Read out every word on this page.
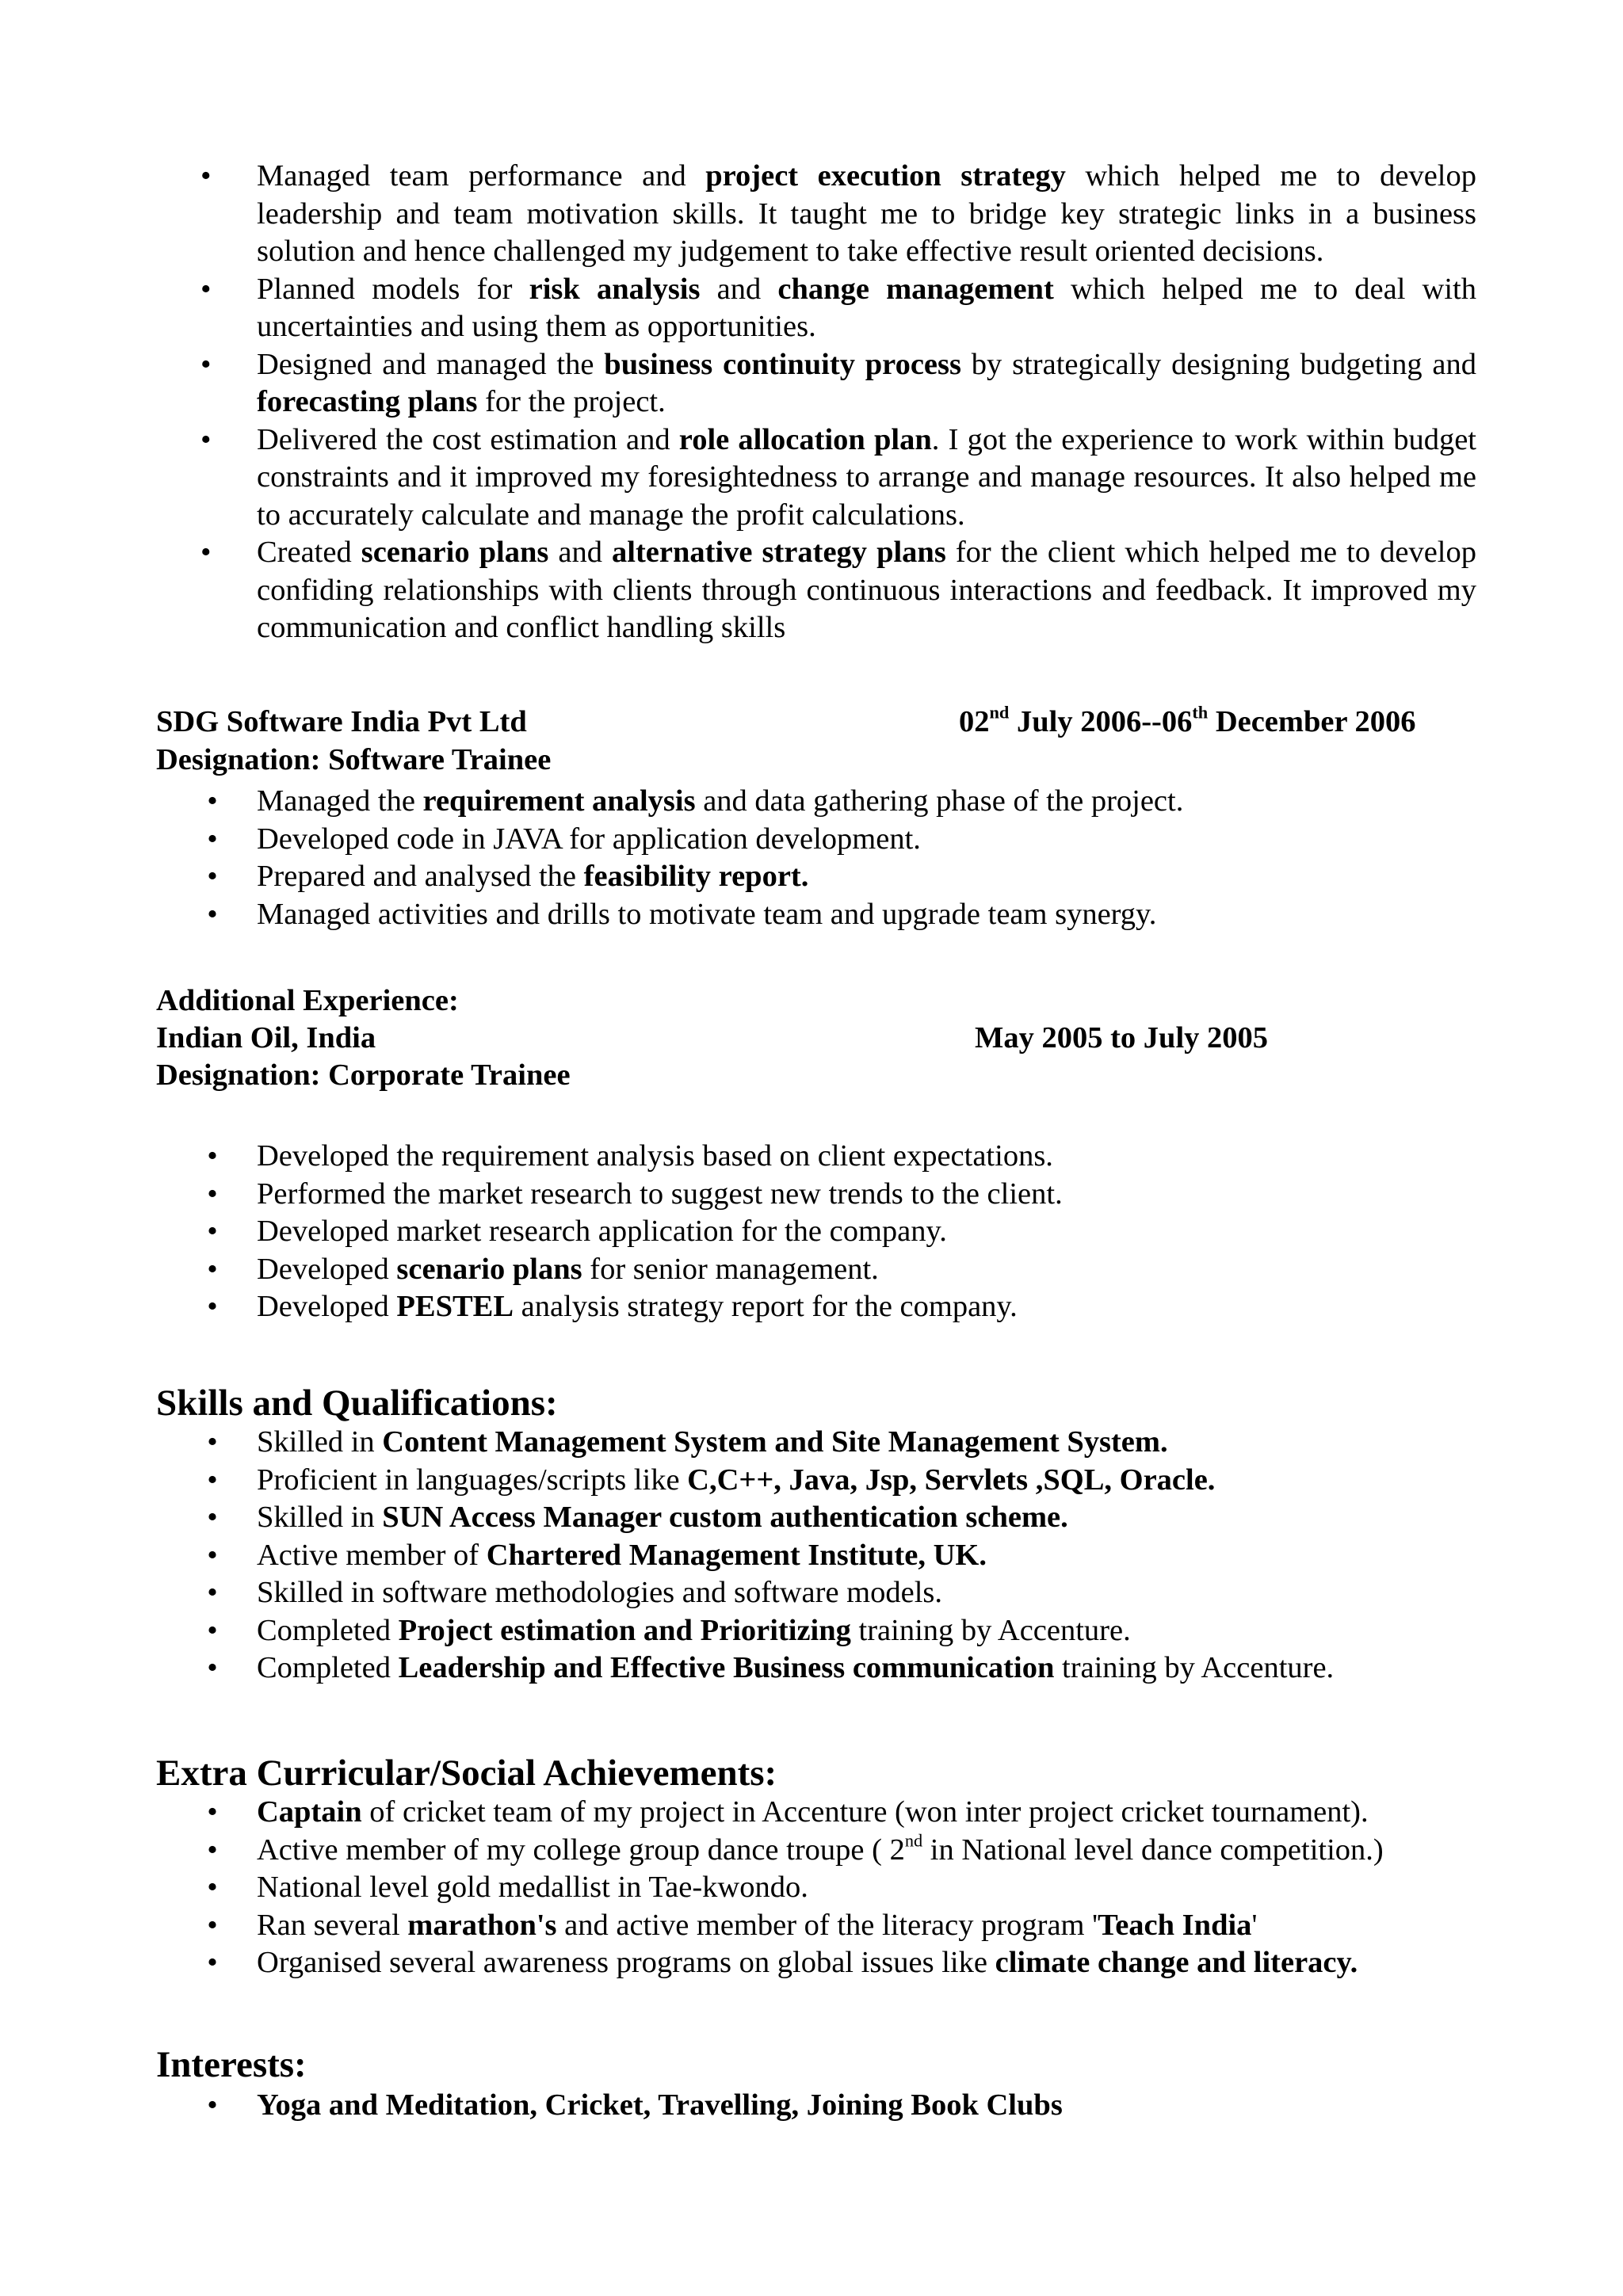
•	Managed team performance and project execution strategy which helped me to develop leadership and team motivation skills. It taught me to bridge key strategic links in a business solution and hence challenged my judgement to take effective result oriented decisions.
•	Planned models for risk analysis and change management which helped me to deal with uncertainties and using them as opportunities.
•	Designed and managed the business continuity process by strategically designing budgeting and forecasting plans for the project.
•	Delivered the cost estimation and role allocation plan. I got the experience to work within budget constraints and it improved my foresightedness to arrange and manage resources. It also helped me to accurately calculate and manage the profit calculations.
•	Created scenario plans and alternative strategy plans for the client which helped me to develop confiding relationships with clients through continuous interactions and feedback. It improved my communication and conflict handling skills
SDG Software India Pvt Ltd	02nd July 2006--06th December 2006
Designation: Software Trainee
• Managed the requirement analysis and data gathering phase of the project.
• Developed code in JAVA for application development.
• Prepared and analysed the feasibility report.
• Managed activities and drills to motivate team and upgrade team synergy.
Additional Experience:
Indian Oil, India	May 2005 to July 2005
Designation: Corporate Trainee
• Developed the requirement analysis based on client expectations.
• Performed the market research to suggest new trends to the client.
• Developed market research application for the company.
• Developed scenario plans for senior management.
• Developed PESTEL analysis strategy report for the company.
Skills and Qualifications:
• Skilled in Content Management System and Site Management System.
• Proficient in languages/scripts like C,C++, Java, Jsp, Servlets ,SQL, Oracle.
• Skilled in SUN Access Manager custom authentication scheme.
• Active member of Chartered Management Institute, UK.
• Skilled in software methodologies and software models.
• Completed Project estimation and Prioritizing training by Accenture.
• Completed Leadership and Effective Business communication training by Accenture.
Extra Curricular/Social Achievements:
• Captain of cricket team of my project in Accenture (won inter project cricket tournament).
• Active member of my college group dance troupe ( 2nd in National level dance competition.)
• National level gold medallist in Tae-kwondo.
• Ran several marathon's and active member of the literacy program 'Teach India'
• Organised several awareness programs on global issues like climate change and literacy.
Interests:
• Yoga and Meditation, Cricket, Travelling, Joining Book Clubs
